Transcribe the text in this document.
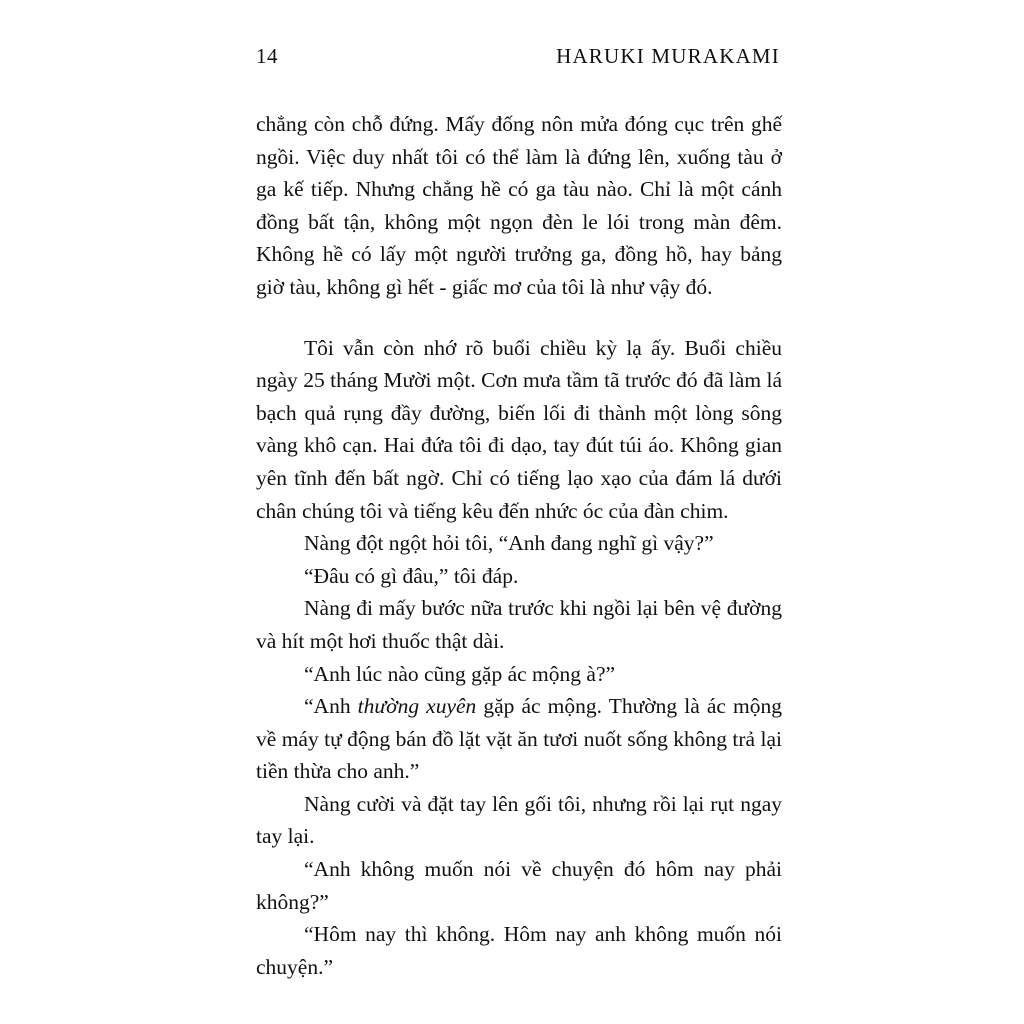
14	HARUKI MURAKAMI

chẳng còn chỗ đứng. Mấy đống nôn mửa đóng cục trên ghế ngồi. Việc duy nhất tôi có thể làm là đứng lên, xuống tàu ở ga kế tiếp. Nhưng chẳng hề có ga tàu nào. Chỉ là một cánh đồng bất tận, không một ngọn đèn le lói trong màn đêm. Không hề có lấy một người trưởng ga, đồng hồ, hay bảng giờ tàu, không gì hết - giấc mơ của tôi là như vậy đó.

Tôi vẫn còn nhớ rõ buổi chiều kỳ lạ ấy. Buổi chiều ngày 25 tháng Mười một. Cơn mưa tầm tã trước đó đã làm lá bạch quả rụng đầy đường, biến lối đi thành một lòng sông vàng khô cạn. Hai đứa tôi đi dạo, tay đút túi áo. Không gian yên tĩnh đến bất ngờ. Chỉ có tiếng lạo xạo của đám lá dưới chân chúng tôi và tiếng kêu đến nhức óc của đàn chim.

Nàng đột ngột hỏi tôi, “Anh đang nghĩ gì vậy?”

“Đâu có gì đâu,” tôi đáp.

Nàng đi mấy bước nữa trước khi ngồi lại bên vệ đường và hít một hơi thuốc thật dài.

“Anh lúc nào cũng gặp ác mộng à?”

“Anh thường xuyên gặp ác mộng. Thường là ác mộng về máy tự động bán đồ lặt vặt ăn tươi nuốt sống không trả lại tiền thừa cho anh.”

Nàng cười và đặt tay lên gối tôi, nhưng rồi lại rụt ngay tay lại.

“Anh không muốn nói về chuyện đó hôm nay phải không?”

“Hôm nay thì không. Hôm nay anh không muốn nói chuyện.”
